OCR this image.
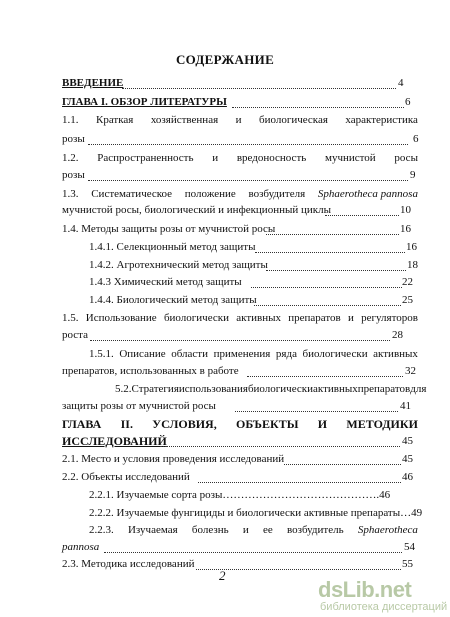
СОДЕРЖАНИЕ
ВВЕДЕНИЕ	4
ГЛАВА I. ОБЗОР ЛИТЕРАТУРЫ	6
1.1. Краткая хозяйственная и биологическая характеристика
розы	6
1.2. Распространенность и вредоносность мучнистой росы
розы	9
1.3. Систематическое положение возбудителя Sphaerotheca pannosa
мучнистой росы, биологический и инфекционный циклы	10
1.4. Методы защиты розы от мучнистой росы	16
1.4.1. Селекционный метод защиты	16
1.4.2. Агротехнический метод защиты	18
1.4.3 Химический метод защиты	22
1.4.4. Биологический метод защиты	25
1.5. Использование биологически активных препаратов и регуляторов
роста	28
1.5.1. Описание области применения ряда биологически активных
препаратов, использованных в работе	32
5.2. Стратегия использования биологически активных препаратов для
защиты розы от мучнистой росы	41
ГЛАВА II. УСЛОВИЯ, ОБЪЕКТЫ И МЕТОДИКИ
ИССЛЕДОВАНИЙ	45
2.1. Место и условия проведения исследований	45
2.2. Объекты исследований	46
2.2.1. Изучаемые сорта розы…………………………………….46
2.2.2. Изучаемые фунгициды и биологически активные препараты…49
2.2.3. Изучаемая болезнь и ее возбудитель Sphaerotheca
pannosa	54
2.3. Методика исследований	55
2
dsLib.net
библиотека диссертаций
